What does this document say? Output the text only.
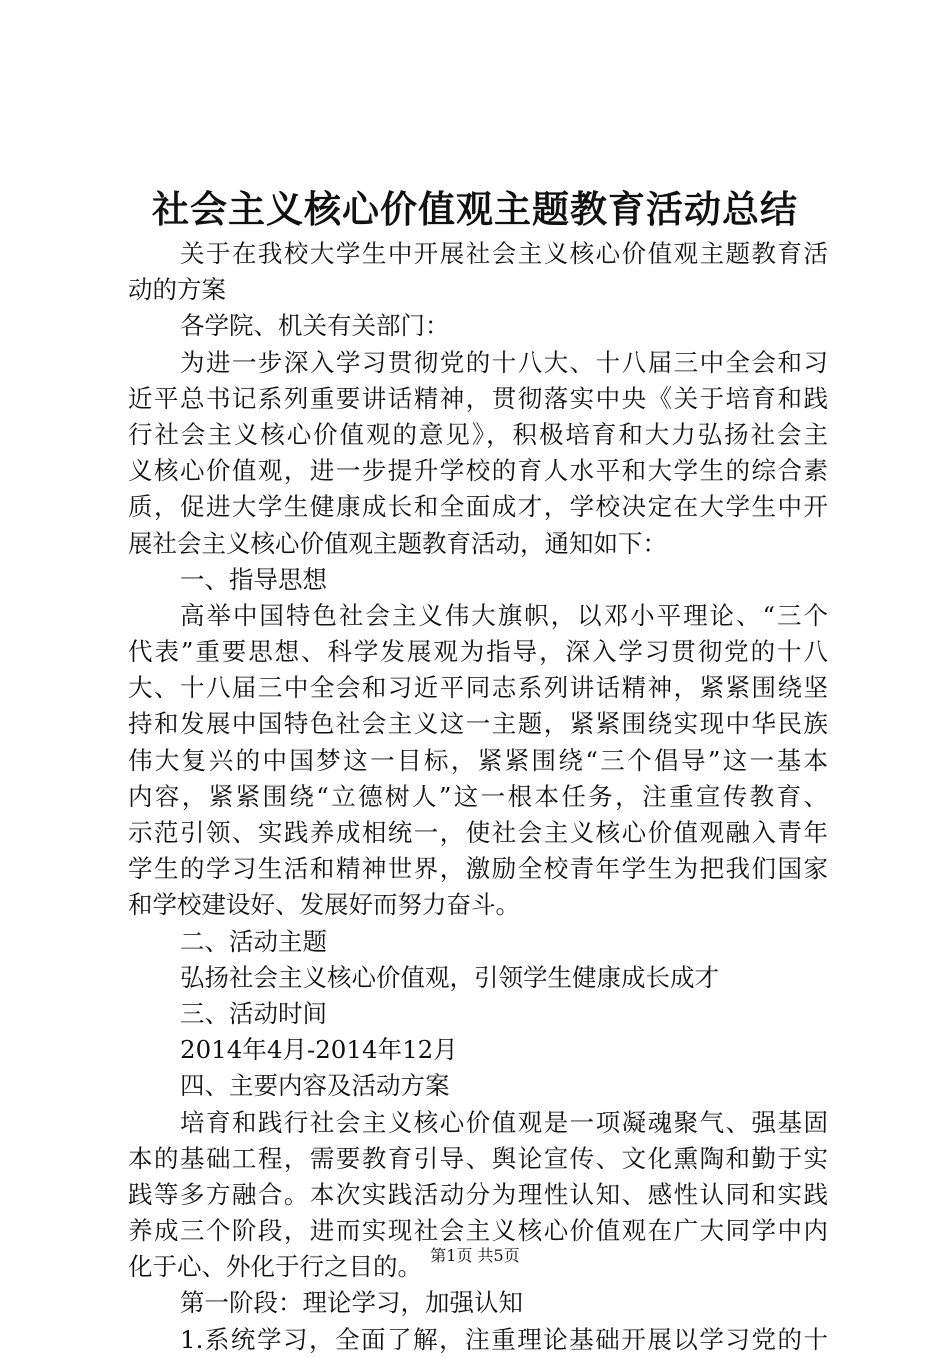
社会主义核心价值观主题教育活动总结
关于在我校大学生中开展社会主义核心价值观主题教育活
动的方案
各学院、机关有关部门：
为进一步深入学习贯彻党的十八大、十八届三中全会和习
近平总书记系列重要讲话精神，贯彻落实中央《关于培育和践
行社会主义核心价值观的意见》，积极培育和大力弘扬社会主
义核心价值观，进一步提升学校的育人水平和大学生的综合素
质，促进大学生健康成长和全面成才，学校决定在大学生中开
展社会主义核心价值观主题教育活动，通知如下：
一、指导思想
高举中国特色社会主义伟大旗帜，以邓小平理论、“三个
代表”重要思想、科学发展观为指导，深入学习贯彻党的十八
大、十八届三中全会和习近平同志系列讲话精神，紧紧围绕坚
持和发展中国特色社会主义这一主题，紧紧围绕实现中华民族
伟大复兴的中国梦这一目标，紧紧围绕“三个倡导”这一基本
内容，紧紧围绕“立德树人”这一根本任务，注重宣传教育、
示范引领、实践养成相统一，使社会主义核心价值观融入青年
学生的学习生活和精神世界，激励全校青年学生为把我们国家
和学校建设好、发展好而努力奋斗。
二、活动主题
弘扬社会主义核心价值观，引领学生健康成长成才
三、活动时间
2014年4月-2014年12月
四、主要内容及活动方案
培育和践行社会主义核心价值观是一项凝魂聚气、强基固
本的基础工程，需要教育引导、舆论宣传、文化熏陶和勤于实
践等多方融合。本次实践活动分为理性认知、感性认同和实践
养成三个阶段，进而实现社会主义核心价值观在广大同学中内
化于心、外化于行之目的。
第一阶段：理论学习，加强认知
1.系统学习，全面了解，注重理论基础开展以学习党的十
第1页 共5页
